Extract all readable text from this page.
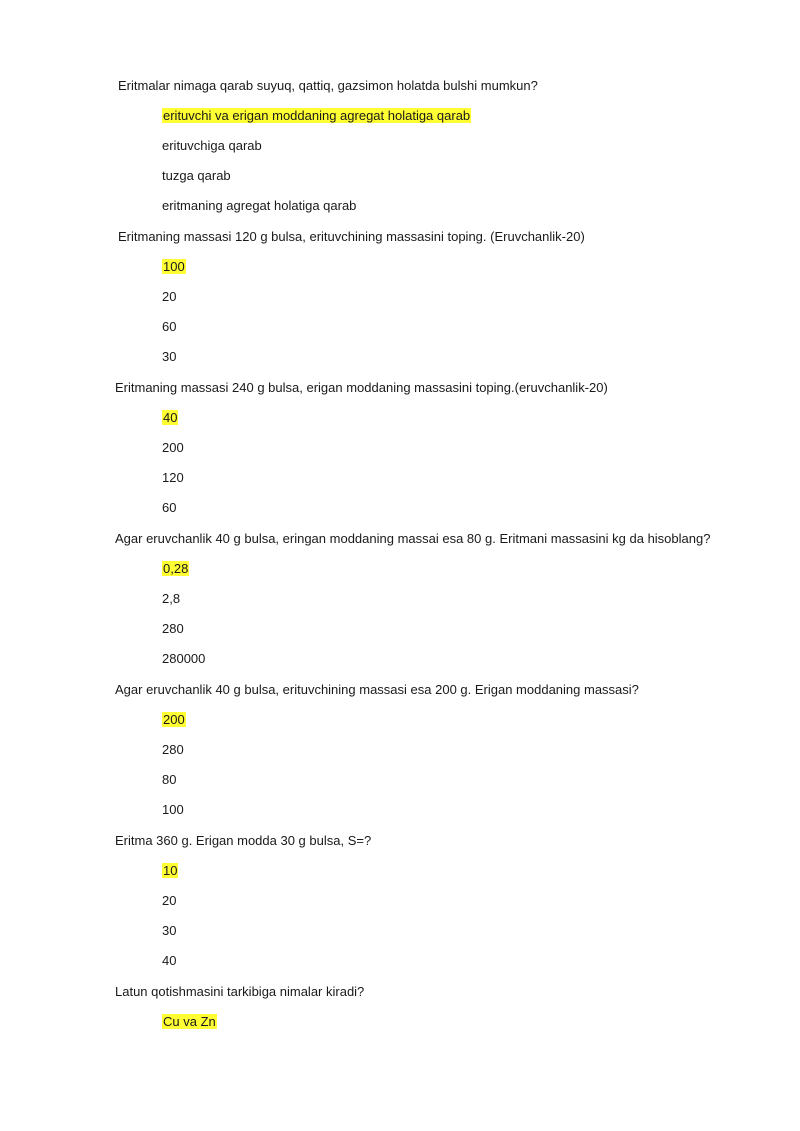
Eritmalar nimaga qarab suyuq, qattiq, gazsimon holatda bulshi mumkun?
erituvchi va erigan moddaning agregat holatiga qarab
erituvchiga qarab
tuzga qarab
eritmaning agregat holatiga qarab
Eritmaning massasi 120 g bulsa, erituvchining massasini toping. (Eruvchanlik-20)
100
20
60
30
Eritmaning massasi 240 g bulsa, erigan moddaning massasini toping.(eruvchanlik-20)
40
200
120
60
Agar eruvchanlik 40 g bulsa, eringan moddaning massai esa 80 g. Eritmani massasini kg da hisoblang?
0,28
2,8
280
280000
Agar eruvchanlik 40 g bulsa, erituvchining massasi esa 200 g. Erigan moddaning massasi?
200
280
80
100
Eritma 360 g. Erigan modda 30 g bulsa, S=?
10
20
30
40
Latun qotishmasini tarkibiga nimalar kiradi?
Cu va Zn
